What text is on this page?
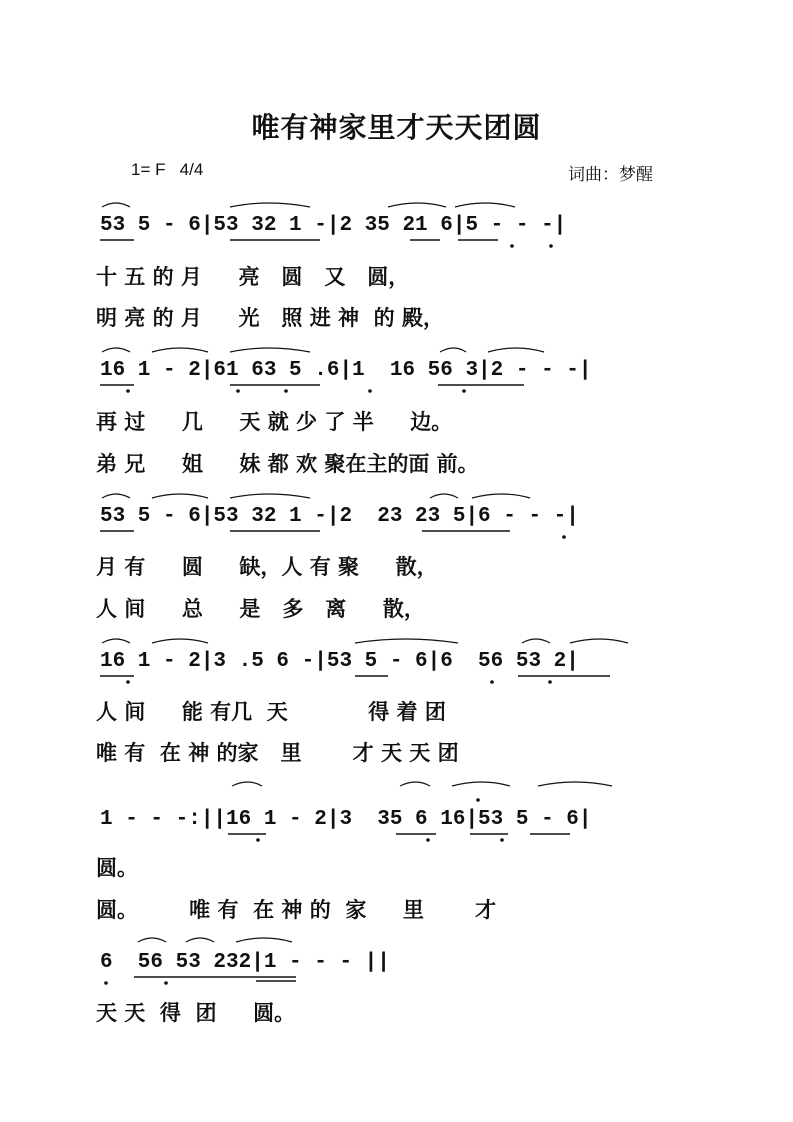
唯有神家里才天天团圆
1= F   4/4	词曲：梦醒
53 5 - 6|53 32 1 -|2 35 21 6|5 - - -|
十 五 的 月     亮   圆   又   圆，
明 亮 的 月     光   照 进 神  的 殿，
16 1 - 2|61 63 5 .6|1  16 56 3|2 - - -|
再 过     几     天 就 少 了 半     边。
弟 兄     姐     妹 都 欢 聚在主的面 前。
53 5 - 6|53 32 1 -|2  23 23 5|6 - - -|
月 有     圆     缺，人 有 聚     散，
人 间     总     是   多   离     散，
16 1 - 2|3 .5 6 -|53 5 - 6|6  56 53 2|
人 间     能 有几  天           得 着 团
唯 有  在 神 的家   里       才 天 天 团
1 - - -:||16 1 - 2|3  35 6 16|53 5 - 6|
圆。
圆。       唯 有  在 神 的  家     里       才
6  56 53 232|1 - - - ||
天 天  得  团     圆。
